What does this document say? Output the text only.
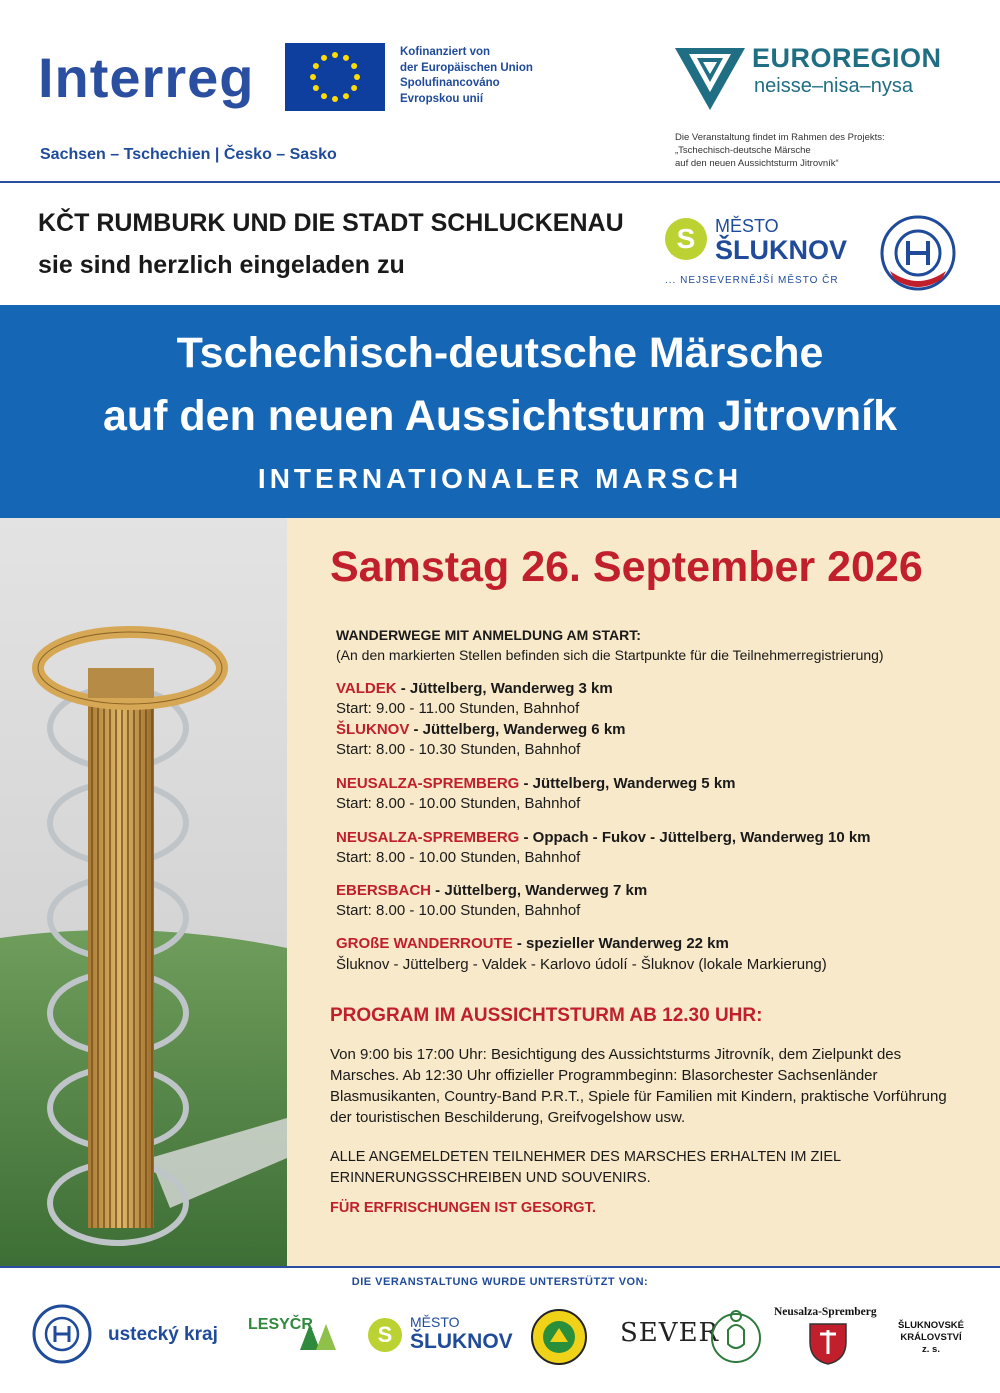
Interreg
Sachsen – Tschechien | Česko – Sasko
Kofinanziert von
der Europäischen Union
Spolufinancováno
Evropskou unií
EUROREGION
neisse–nisa–nysa
Die Veranstaltung findet im Rahmen des Projekts:
„Tschechisch-deutsche Märsche
auf den neuen Aussichtsturm Jitrovník“
KČT RUMBURK UND DIE STADT SCHLUCKENAU
sie sind herzlich eingeladen zu
S	MĚSTO
ŠLUKNOV
... NEJSEVERNĚJŠÍ MĚSTO ČR
Tschechisch-deutsche Märsche
auf den neuen Aussichtsturm Jitrovník
INTERNATIONALER MARSCH
Samstag 26. September 2026
WANDERWEGE MIT ANMELDUNG AM START:
(An den markierten Stellen befinden sich die Startpunkte für die Teilnehmerregistrierung)
VALDEK - Jüttelberg, Wanderweg 3 km
Start: 9.00 - 11.00 Stunden, Bahnhof
ŠLUKNOV - Jüttelberg, Wanderweg 6 km
Start: 8.00 - 10.30 Stunden, Bahnhof
NEUSALZA-SPREMBERG - Jüttelberg, Wanderweg 5 km
Start: 8.00 - 10.00 Stunden, Bahnhof
NEUSALZA-SPREMBERG - Oppach - Fukov - Jüttelberg, Wanderweg 10 km
Start: 8.00 - 10.00 Stunden, Bahnhof
EBERSBACH - Jüttelberg, Wanderweg 7 km
Start: 8.00 - 10.00 Stunden, Bahnhof
GROßE WANDERROUTE - spezieller Wanderweg 22 km
Šluknov - Jüttelberg - Valdek - Karlovo údolí - Šluknov (lokale Markierung)
PROGRAM IM AUSSICHTSTURM AB 12.30 UHR:
Von 9:00 bis 17:00 Uhr: Besichtigung des Aussichtsturms Jitrovník, dem Zielpunkt des Marsches. Ab 12:30 Uhr offizieller Programmbeginn: Blasorchester Sachsenländer Blasmusikanten, Country-Band P.R.T., Spiele für Familien mit Kindern, praktische Vorführung der touristischen Beschilderung, Greifvogelshow usw.
ALLE ANGEMELDETEN TEILNEHMER DES MARSCHES ERHALTEN IM ZIEL ERINNERUNGSSCHREIBEN UND SOUVENIRS.
FÜR ERFRISCHUNGEN IST GESORGT.
DIE VERANSTALTUNG WURDE UNTERSTÜTZT VON:
ustecký kraj LESYČR	S	MĚSTO
ŠLUKNOV	SEVER
Neusalza-Spremberg
ŠLUKNOVSKÉ
KRÁLOVSTVÍ
z. s.
